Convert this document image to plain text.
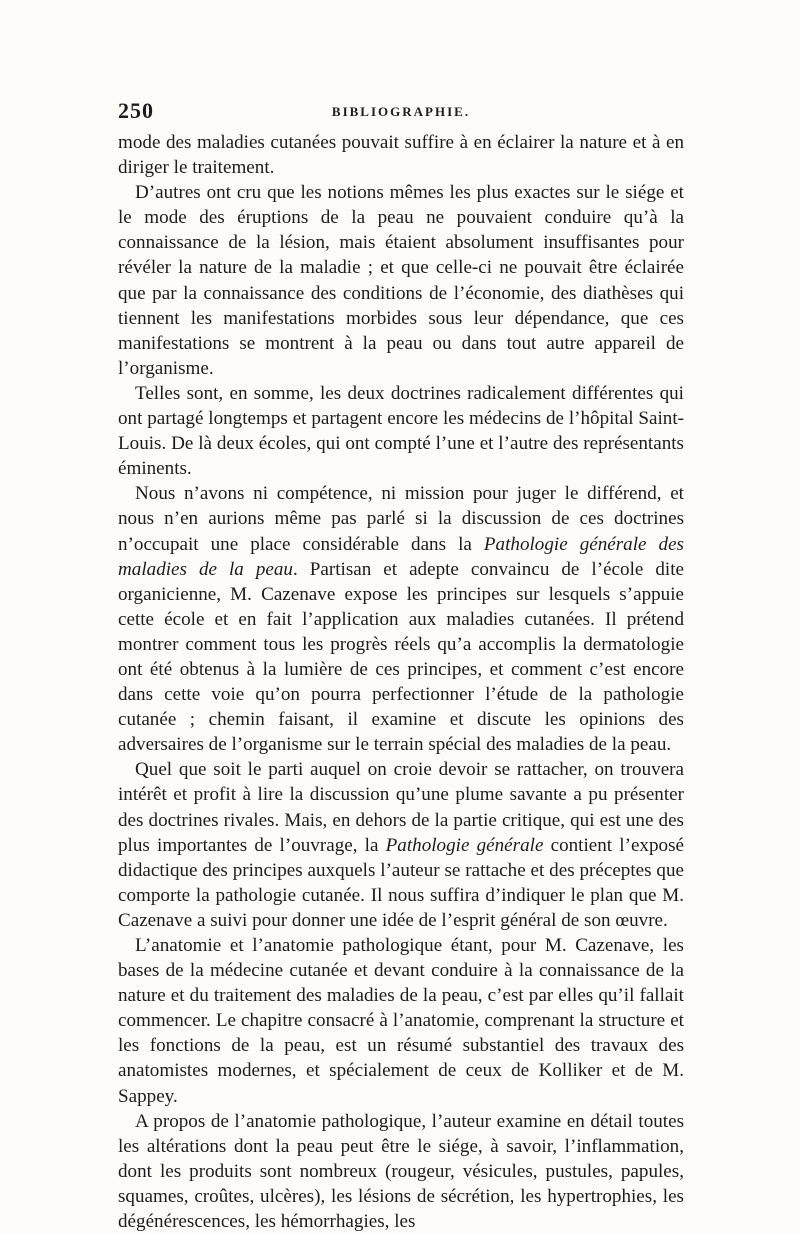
250	BIBLIOGRAPHIE.

mode des maladies cutanées pouvait suffire à en éclairer la nature et à en diriger le traitement.

D’autres ont cru que les notions mêmes les plus exactes sur le siége et le mode des éruptions de la peau ne pouvaient conduire qu’à la connaissance de la lésion, mais étaient absolument insuffisantes pour révéler la nature de la maladie ; et que celle-ci ne pouvait être éclairée que par la connaissance des conditions de l’économie, des diathèses qui tiennent les manifestations morbides sous leur dépendance, que ces manifestations se montrent à la peau ou dans tout autre appareil de l’organisme.

Telles sont, en somme, les deux doctrines radicalement différentes qui ont partagé longtemps et partagent encore les médecins de l’hôpital Saint-Louis. De là deux écoles, qui ont compté l’une et l’autre des représentants éminents.

Nous n’avons ni compétence, ni mission pour juger le différend, et nous n’en aurions même pas parlé si la discussion de ces doctrines n’occupait une place considérable dans la Pathologie générale des maladies de la peau. Partisan et adepte convaincu de l’école dite organicienne, M. Cazenave expose les principes sur lesquels s’appuie cette école et en fait l’application aux maladies cutanées. Il prétend montrer comment tous les progrès réels qu’a accomplis la dermatologie ont été obtenus à la lumière de ces principes, et comment c’est encore dans cette voie qu’on pourra perfectionner l’étude de la pathologie cutanée ; chemin faisant, il examine et discute les opinions des adversaires de l’organisme sur le terrain spécial des maladies de la peau.

Quel que soit le parti auquel on croie devoir se rattacher, on trouvera intérêt et profit à lire la discussion qu’une plume savante a pu présenter des doctrines rivales. Mais, en dehors de la partie critique, qui est une des plus importantes de l’ouvrage, la Pathologie générale contient l’exposé didactique des principes auxquels l’auteur se rattache et des préceptes que comporte la pathologie cutanée. Il nous suffira d’indiquer le plan que M. Cazenave a suivi pour donner une idée de l’esprit général de son œuvre.

L’anatomie et l’anatomie pathologique étant, pour M. Cazenave, les bases de la médecine cutanée et devant conduire à la connaissance de la nature et du traitement des maladies de la peau, c’est par elles qu’il fallait commencer. Le chapitre consacré à l’anatomie, comprenant la structure et les fonctions de la peau, est un résumé substantiel des travaux des anatomistes modernes, et spécialement de ceux de Kolliker et de M. Sappey.

A propos de l’anatomie pathologique, l’auteur examine en détail toutes les altérations dont la peau peut être le siége, à savoir, l’inflammation, dont les produits sont nombreux (rougeur, vésicules, pustules, papules, squames, croûtes, ulcères), les lésions de sécrétion, les hypertrophies, les dégénérescences, les hémorrhagies, les
